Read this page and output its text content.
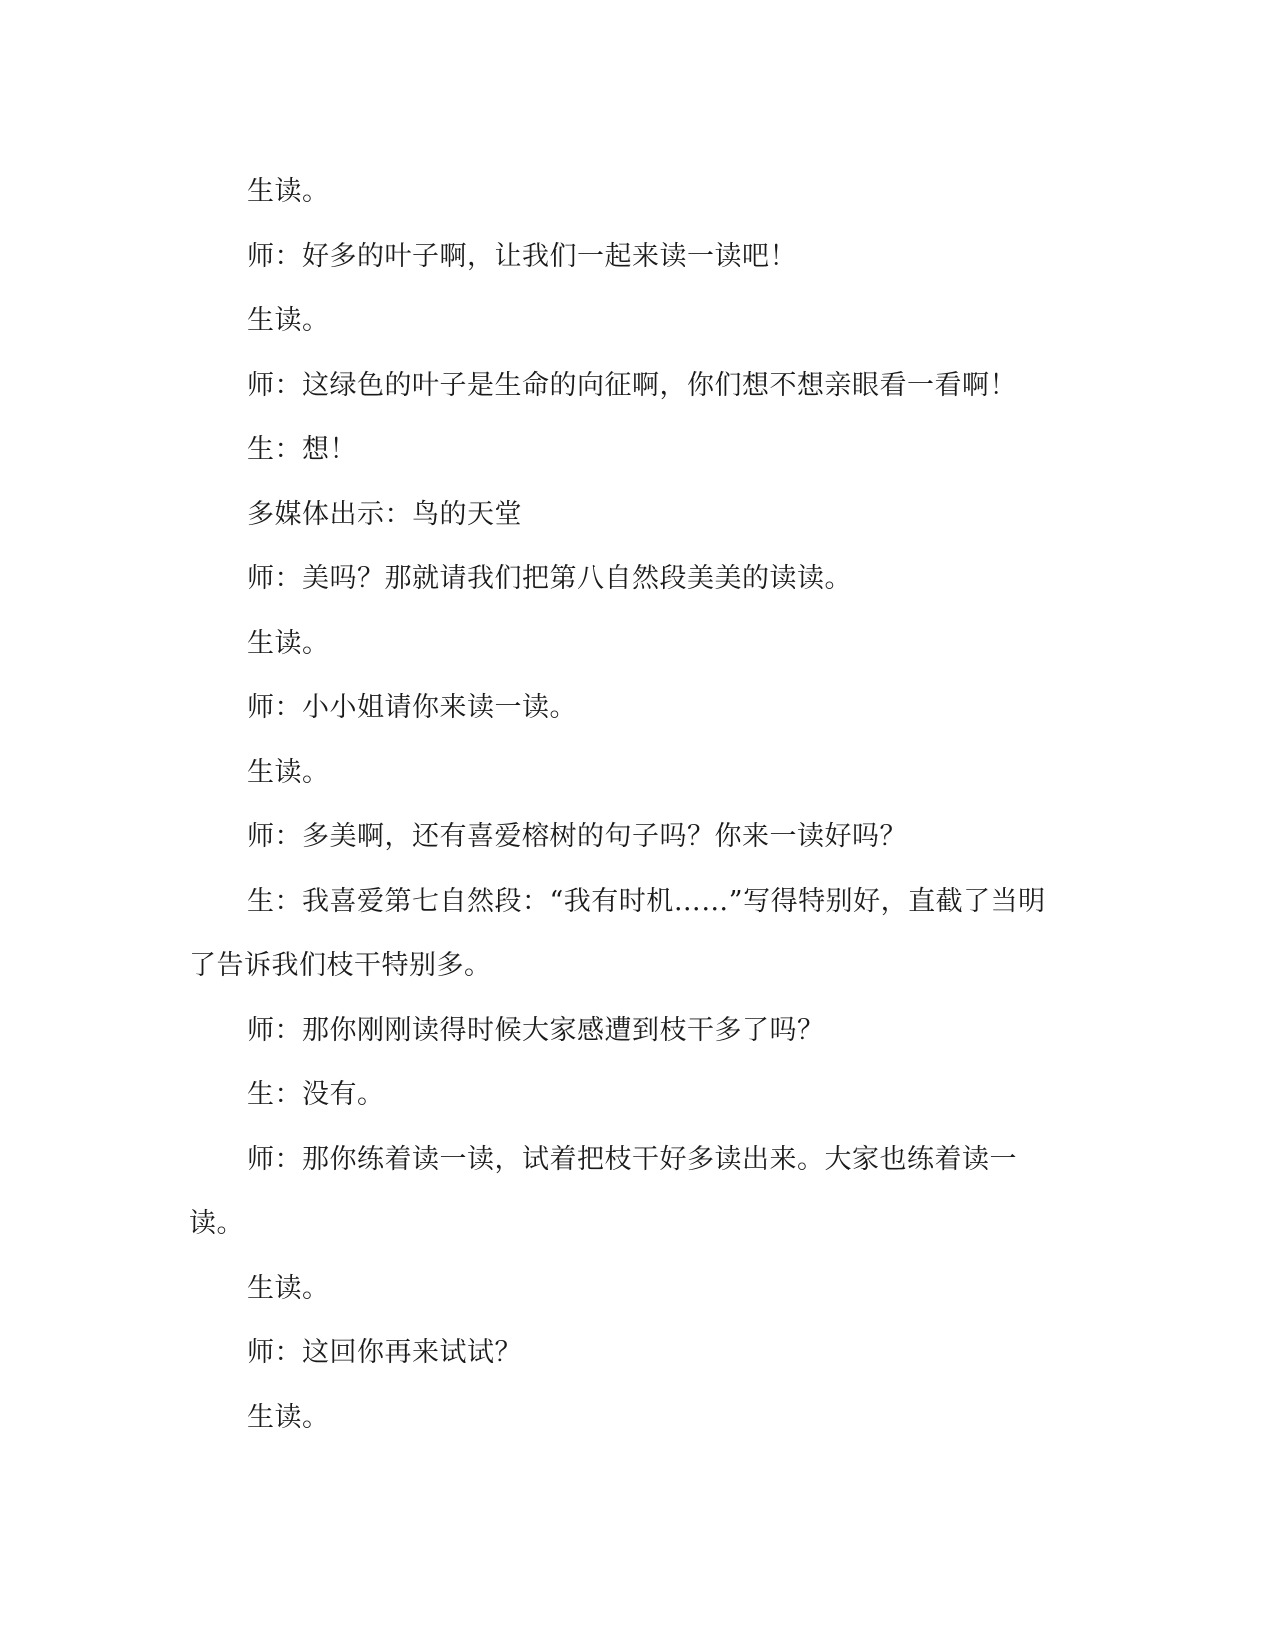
生读。

师：好多的叶子啊，让我们一起来读一读吧！

生读。

师：这绿色的叶子是生命的向征啊，你们想不想亲眼看一看啊！

生：想！

多媒体出示：鸟的天堂

师：美吗？那就请我们把第八自然段美美的读读。

生读。

师：小小姐请你来读一读。

生读。

师：多美啊，还有喜爱榕树的句子吗？你来一读好吗？

生：我喜爱第七自然段：“我有时机……”写得特别好，直截了当明了告诉我们枝干特别多。

师：那你刚刚读得时候大家感遭到枝干多了吗？

生：没有。

师：那你练着读一读，试着把枝干好多读出来。大家也练着读一读。

生读。

师：这回你再来试试？

生读。
